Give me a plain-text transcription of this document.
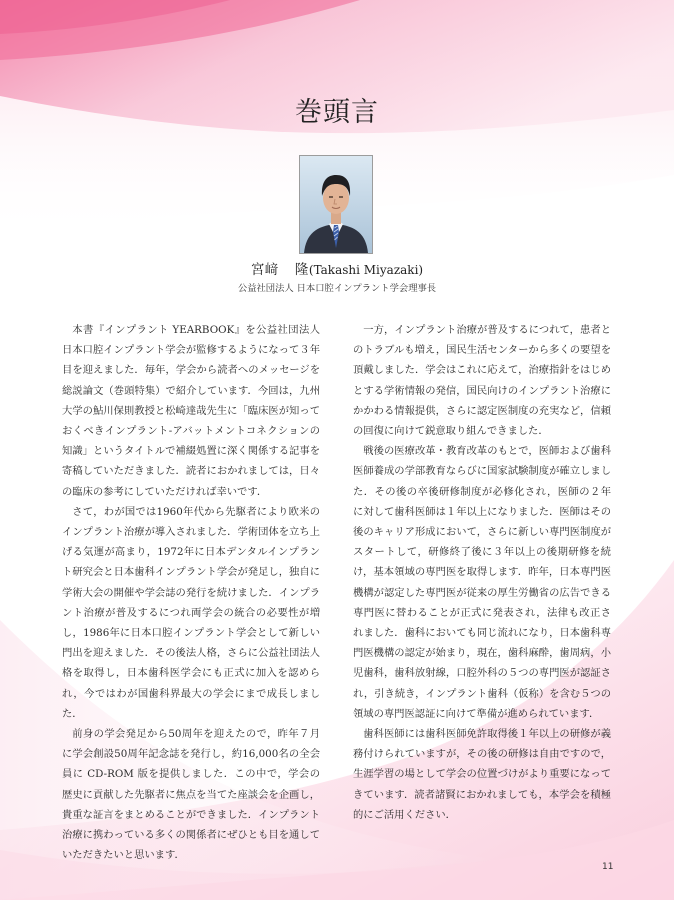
巻頭言
宮﨑 隆(Takashi Miyazaki)
公益社団法人 日本口腔インプラント学会理事長

本書『インプラント YEARBOOK』を公益社団法人日本口腔インプラント学会が監修するようになって３年目を迎えました．毎年，学会から読者へのメッセージを総説論文（巻頭特集）で紹介しています．今回は，九州大学の鮎川保則教授と松崎達哉先生に「臨床医が知っておくべきインプラント‐アバットメントコネクションの知識」というタイトルで補綴処置に深く関係する記事を寄稿していただきました．読者におかれましては，日々の臨床の参考にしていただければ幸いです．

さて，わが国では1960年代から先駆者により欧米のインプラント治療が導入されました．学術団体を立ち上げる気運が高まり，1972年に日本デンタルインプラント研究会と日本歯科インプラント学会が発足し，独自に学術大会の開催や学会誌の発行を続けました．インプラント治療が普及するにつれ両学会の統合の必要性が増し，1986年に日本口腔インプラント学会として新しい門出を迎えました．その後法人格，さらに公益社団法人格を取得し，日本歯科医学会にも正式に加入を認められ，今ではわが国歯科界最大の学会にまで成長しました．

前身の学会発足から50周年を迎えたので，昨年７月に学会創設50周年記念誌を発行し，約16,000名の全会員に CD-ROM 版を提供しました．この中で，学会の歴史に貢献した先駆者に焦点を当てた座談会を企画し，貴重な証言をまとめることができました．インプラント治療に携わっている多くの関係者にぜひとも目を通していただきたいと思います．

一方，インプラント治療が普及するにつれて，患者とのトラブルも増え，国民生活センターから多くの要望を頂戴しました．学会はこれに応えて，治療指針をはじめとする学術情報の発信，国民向けのインプラント治療にかかわる情報提供，さらに認定医制度の充実など，信頼の回復に向けて鋭意取り組んできました．

戦後の医療改革・教育改革のもとで，医師および歯科医師養成の学部教育ならびに国家試験制度が確立しました．その後の卒後研修制度が必修化され，医師の２年に対して歯科医師は１年以上になりました．医師はその後のキャリア形成において，さらに新しい専門医制度がスタートして，研修終了後に３年以上の後期研修を続け，基本領域の専門医を取得します．昨年，日本専門医機構が認定した専門医が従来の厚生労働省の広告できる専門医に替わることが正式に発表され，法律も改正されました．歯科においても同じ流れになり，日本歯科専門医機構の認定が始まり，現在，歯科麻酔，歯周病，小児歯科，歯科放射線，口腔外科の５つの専門医が認証され，引き続き，インプラント歯科（仮称）を含む５つの領域の専門医認証に向けて準備が進められています．

歯科医師には歯科医師免許取得後１年以上の研修が義務付けられていますが，その後の研修は自由ですので，生涯学習の場として学会の位置づけがより重要になってきています．読者諸賢におかれましても，本学会を積極的にご活用ください．

11
